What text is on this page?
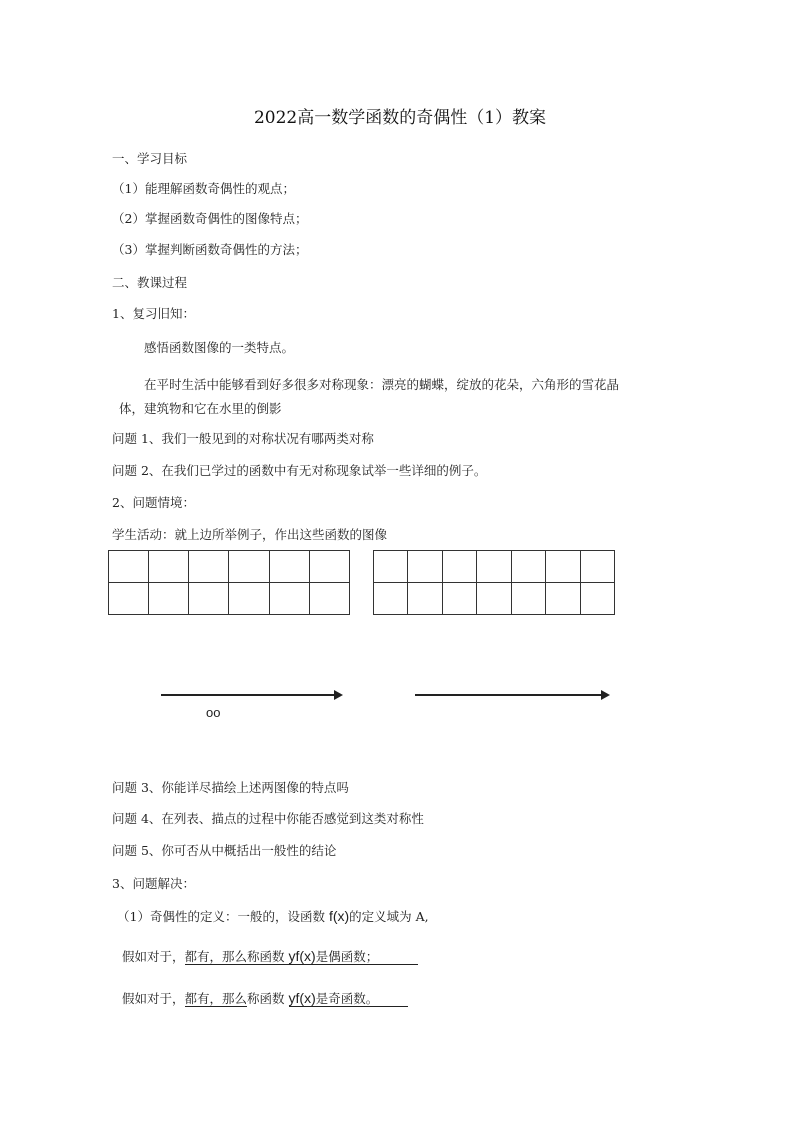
2022高一数学函数的奇偶性（1）教案
一、学习目标
（1）能理解函数奇偶性的观点；
（2）掌握函数奇偶性的图像特点；
（3）掌握判断函数奇偶性的方法；
二、教课过程
1、复习旧知：
感悟函数图像的一类特点。
在平时生活中能够看到好多很多对称现象：漂亮的蝴蝶，绽放的花朵，六角形的雪花晶
体，建筑物和它在水里的倒影
问题 1、我们一般见到的对称状况有哪两类对称
问题 2、在我们已学过的函数中有无对称现象试举一些详细的例子。
2、问题情境：
学生活动：就上边所举例子，作出这些函数的图像

oo
问题 3、你能详尽描绘上述两图像的特点吗
问题 4、在列表、描点的过程中你能否感觉到这类对称性
问题 5、你可否从中概括出一般性的结论
3、问题解决：
（1）奇偶性的定义：一般的，设函数 f(x)的定义域为 A,
假如对于，都有，那么称函数 yf(x)是偶函数；
假如对于，都有，那么称函数 yf(x)是奇函数。
